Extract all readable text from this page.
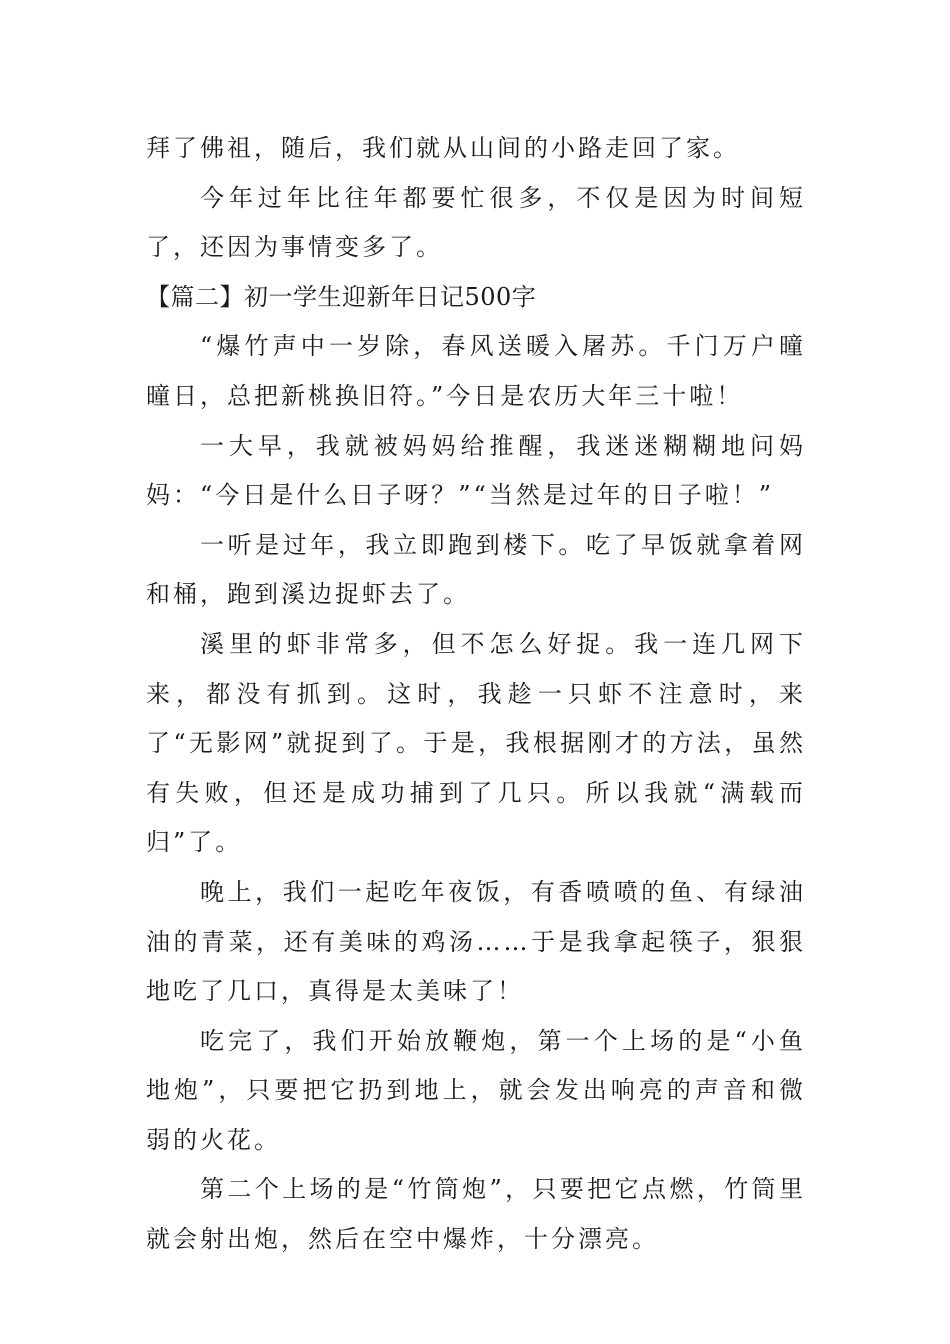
拜了佛祖，随后，我们就从山间的小路走回了家。

今年过年比往年都要忙很多，不仅是因为时间短了，还因为事情变多了。

【篇二】初一学生迎新年日记500字

“爆竹声中一岁除，春风送暖入屠苏。千门万户曈曈日，总把新桃换旧符。”今日是农历大年三十啦！

一大早，我就被妈妈给推醒，我迷迷糊糊地问妈妈：“今日是什么日子呀？”“当然是过年的日子啦！”

一听是过年，我立即跑到楼下。吃了早饭就拿着网和桶，跑到溪边捉虾去了。

溪里的虾非常多，但不怎么好捉。我一连几网下来，都没有抓到。这时，我趁一只虾不注意时，来了“无影网”就捉到了。于是，我根据刚才的方法，虽然有失败，但还是成功捕到了几只。所以我就“满载而归”了。

晚上，我们一起吃年夜饭，有香喷喷的鱼、有绿油油的青菜，还有美味的鸡汤……于是我拿起筷子，狠狠地吃了几口，真得是太美味了！

吃完了，我们开始放鞭炮，第一个上场的是“小鱼地炮”，只要把它扔到地上，就会发出响亮的声音和微弱的火花。

第二个上场的是“竹筒炮”，只要把它点燃，竹筒里就会射出炮，然后在空中爆炸，十分漂亮。
